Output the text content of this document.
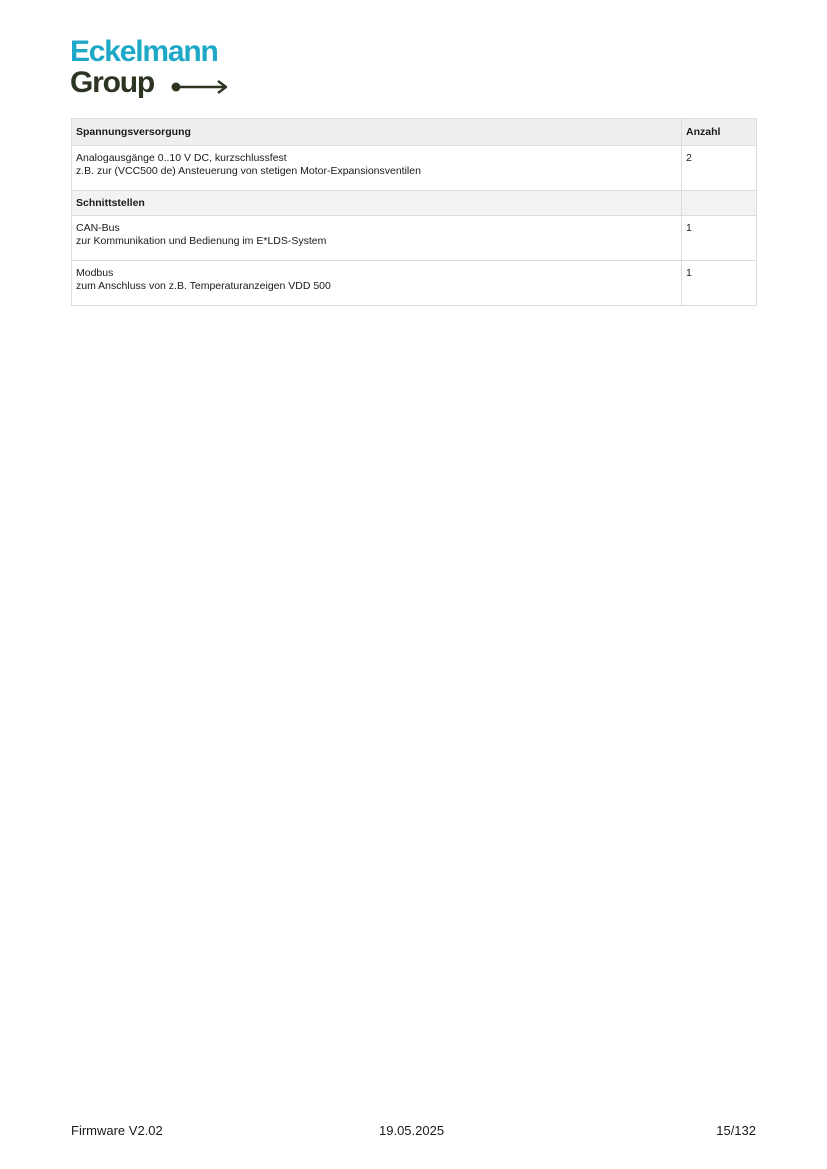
Eckelmann
Group
Spannungsversorgung	Anzahl

Analogausgänge 0..10 V DC, kurzschlussfest
z.B. zur (VCC500 de) Ansteuerung von stetigen Motor-Expansionsventilen	2
Schnittstellen	

CAN-Bus
zur Kommunikation und Bedienung im E*LDS-System	1

Modbus
zum Anschluss von z.B. Temperaturanzeigen VDD 500	1
Firmware V2.02	19.05.2025	15/132
